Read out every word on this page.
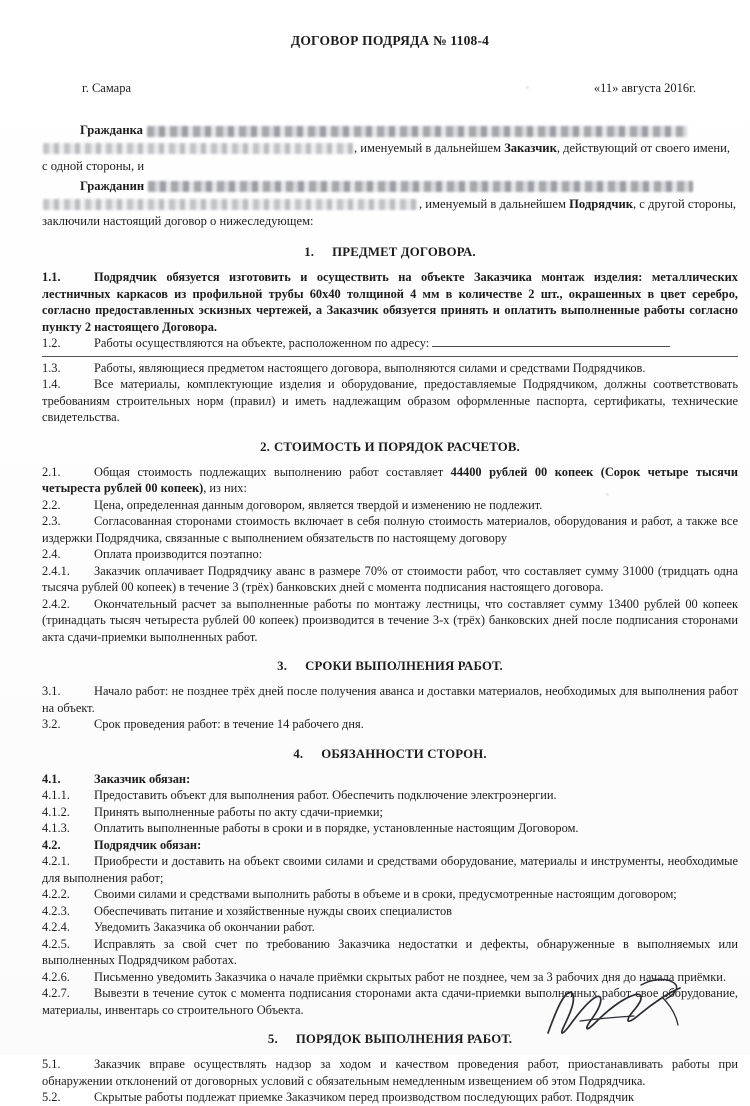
ДОГОВОР ПОДРЯДА № 1108-4
г. Самара	«11» августа 2016г.
Гражданка
, именуемый в дальнейшем Заказчик, действующий от своего имени, с одной стороны, и
Гражданин
, именуемый в дальнейшем Подрядчик, с другой стороны, заключили настоящий договор о нижеследующем:
1. ПРЕДМЕТ ДОГОВОРА.

1.1.	Подрядчик обязуется изготовить и осуществить на объекте Заказчика монтаж изделия: металлических лестничных каркасов из профильной трубы 60х40 толщиной 4 мм в количестве 2 шт., окрашенных в цвет серебро, согласно предоставленных эскизных чертежей, а Заказчик обязуется принять и оплатить выполненные работы согласно пункту 2 настоящего Договора.

1.2.	Работы осуществляются на объекте, расположенном по адресу:

1.3.	Работы, являющиеся предметом настоящего договора, выполняются силами и средствами Подрядчиков.

1.4.	Все материалы, комплектующие изделия и оборудование, предоставляемые Подрядчиком, должны соответствовать требованиям строительных норм (правил) и иметь надлежащим образом оформленные паспорта, сертификаты, технические свидетельства.

2. СТОИМОСТЬ И ПОРЯДОК РАСЧЕТОВ.

2.1.	Общая стоимость подлежащих выполнению работ составляет 44400 рублей 00 копеек (Сорок четыре тысячи четыреста рублей 00 копеек), из них:

2.2.	Цена, определенная данным договором, является твердой и изменению не подлежит.

2.3.	Согласованная сторонами стоимость включает в себя полную стоимость материалов, оборудования и работ, а также все издержки Подрядчика, связанные с выполнением обязательств по настоящему договору

2.4.	Оплата производится поэтапно:

2.4.1. Заказчик оплачивает Подрядчику аванс в размере 70% от стоимости работ, что составляет сумму 31000 (тридцать одна тысяча рублей 00 копеек) в течение 3 (трёх) банковских дней с момента подписания настоящего договора.

2.4.2. Окончательный расчет за выполненные работы по монтажу лестницы, что составляет сумму 13400 рублей 00 копеек (тринадцать тысяч четыреста рублей 00 копеек) производится в течение 3-х (трёх) банковских дней после подписания сторонами акта сдачи-приемки выполненных работ.

3. СРОКИ ВЫПОЛНЕНИЯ РАБОТ.

3.1.	Начало работ: не позднее трёх дней после получения аванса и доставки материалов, необходимых для выполнения работ на объект.

3.2.	Срок проведения работ: в течение 14 рабочего дня.

4. ОБЯЗАННОСТИ СТОРОН.

4.1.	Заказчик обязан:

4.1.1. Предоставить объект для выполнения работ. Обеспечить подключение электроэнергии.

4.1.2. Принять выполненные работы по акту сдачи-приемки;

4.1.3. Оплатить выполненные работы в сроки и в порядке, установленные настоящим Договором.

4.2.	Подрядчик обязан:

4.2.1. Приобрести и доставить на объект своими силами и средствами оборудование, материалы и инструменты, необходимые для выполнения работ;

4.2.2. Своими силами и средствами выполнить работы в объеме и в сроки, предусмотренные настоящим договором;

4.2.3. Обеспечивать питание и хозяйственные нужды своих специалистов

4.2.4. Уведомить Заказчика об окончании работ.

4.2.5. Исправлять за свой счет по требованию Заказчика недостатки и дефекты, обнаруженные в выполняемых или выполненных Подрядчиком работах.

4.2.6. Письменно уведомить Заказчика о начале приёмки скрытых работ не позднее, чем за 3 рабочих дня до начала приёмки.

4.2.7. Вывезти в течение суток с момента подписания сторонами акта сдачи-приемки выполненных работ свое оборудование, материалы, инвентарь со строительного Объекта.

5. ПОРЯДОК ВЫПОЛНЕНИЯ РАБОТ.

5.1.	Заказчик вправе осуществлять надзор за ходом и качеством проведения работ, приостанавливать работы при обнаружении отклонений от договорных условий с обязательным немедленным извещением об этом Подрядчика.

5.2.	Скрытые работы подлежат приемке Заказчиком перед производством последующих работ. Подрядчик
